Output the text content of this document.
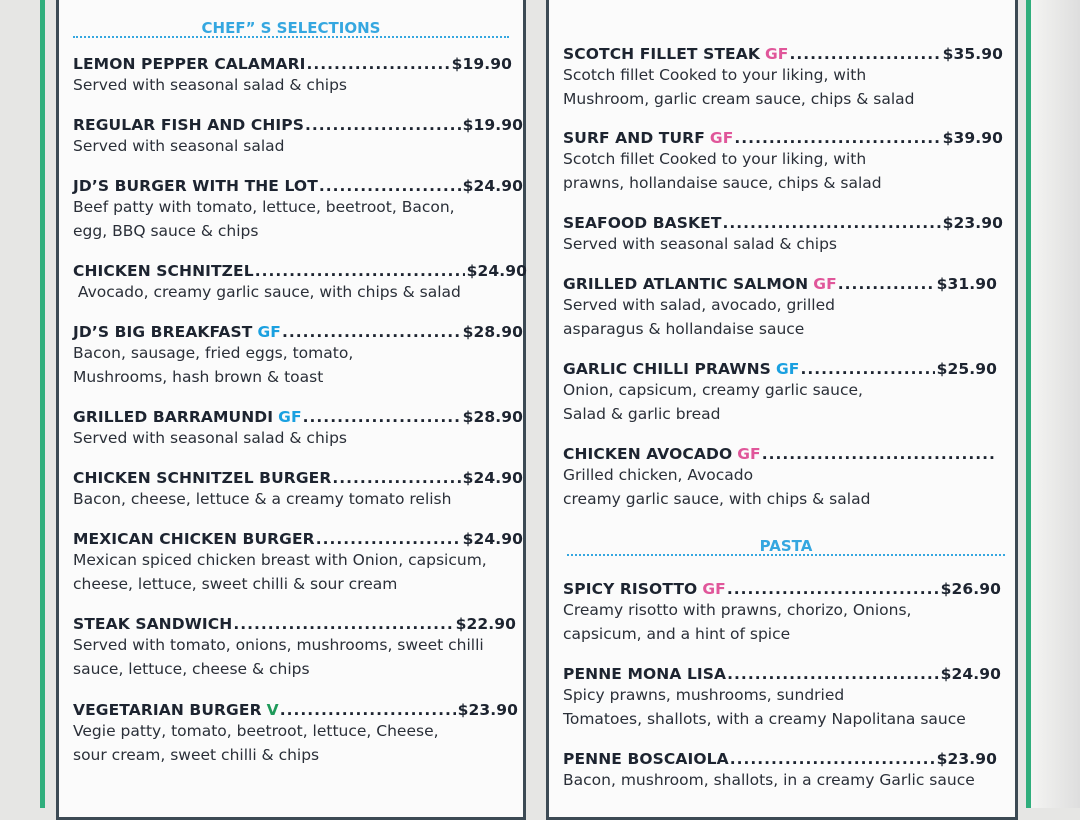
CHEF” S SELECTIONS
LEMON PEPPER CALAMARI .....	$19.90
Served with seasonal salad & chips
REGULAR FISH AND CHIPS .....	$19.90
Served with seasonal salad
JD’S BURGER WITH THE LOT .....	$24.90
Beef patty with tomato, lettuce, beetroot, Bacon,
egg, BBQ sauce & chips
CHICKEN SCHNITZEL .....	$24.90
Avocado, creamy garlic sauce, with chips & salad
JD’S BIG BREAKFAST GF .....	$28.90
Bacon, sausage, fried eggs, tomato,
Mushrooms, hash brown & toast
GRILLED BARRAMUNDI GF .....	$28.90
Served with seasonal salad & chips
CHICKEN SCHNITZEL BURGER .....	$24.90
Bacon, cheese, lettuce & a creamy tomato relish
MEXICAN CHICKEN BURGER .....	$24.90
Mexican spiced chicken breast with Onion, capsicum,
cheese, lettuce, sweet chilli & sour cream
STEAK SANDWICH .....	$22.90
Served with tomato, onions, mushrooms, sweet chilli
sauce, lettuce, cheese & chips
VEGETARIAN BURGER V .....	$23.90
Vegie patty, tomato, beetroot, lettuce, Cheese,
sour cream, sweet chilli & chips
SCOTCH FILLET STEAK GF .....	$35.90
Scotch fillet Cooked to your liking, with
Mushroom, garlic cream sauce, chips & salad
SURF AND TURF GF .....	$39.90
Scotch fillet Cooked to your liking, with
prawns, hollandaise sauce, chips & salad
SEAFOOD BASKET .....	$23.90
Served with seasonal salad & chips
GRILLED ATLANTIC SALMON GF .....	$31.90
Served with salad, avocado, grilled
asparagus & hollandaise sauce
GARLIC CHILLI PRAWNS GF .....	$25.90
Onion, capsicum, creamy garlic sauce,
Salad & garlic bread
CHICKEN AVOCADO GF
.....
Grilled chicken, Avocado
creamy garlic sauce, with chips & salad
PASTA
SPICY RISOTTO GF .....	$26.90
Creamy risotto with prawns, chorizo, Onions,
capsicum, and a hint of spice
PENNE MONA LISA .....	$24.90
Spicy prawns, mushrooms, sundried
Tomatoes, shallots, with a creamy Napolitana sauce
PENNE BOSCAIOLA .....	$23.90
Bacon, mushroom, shallots, in a creamy Garlic sauce
